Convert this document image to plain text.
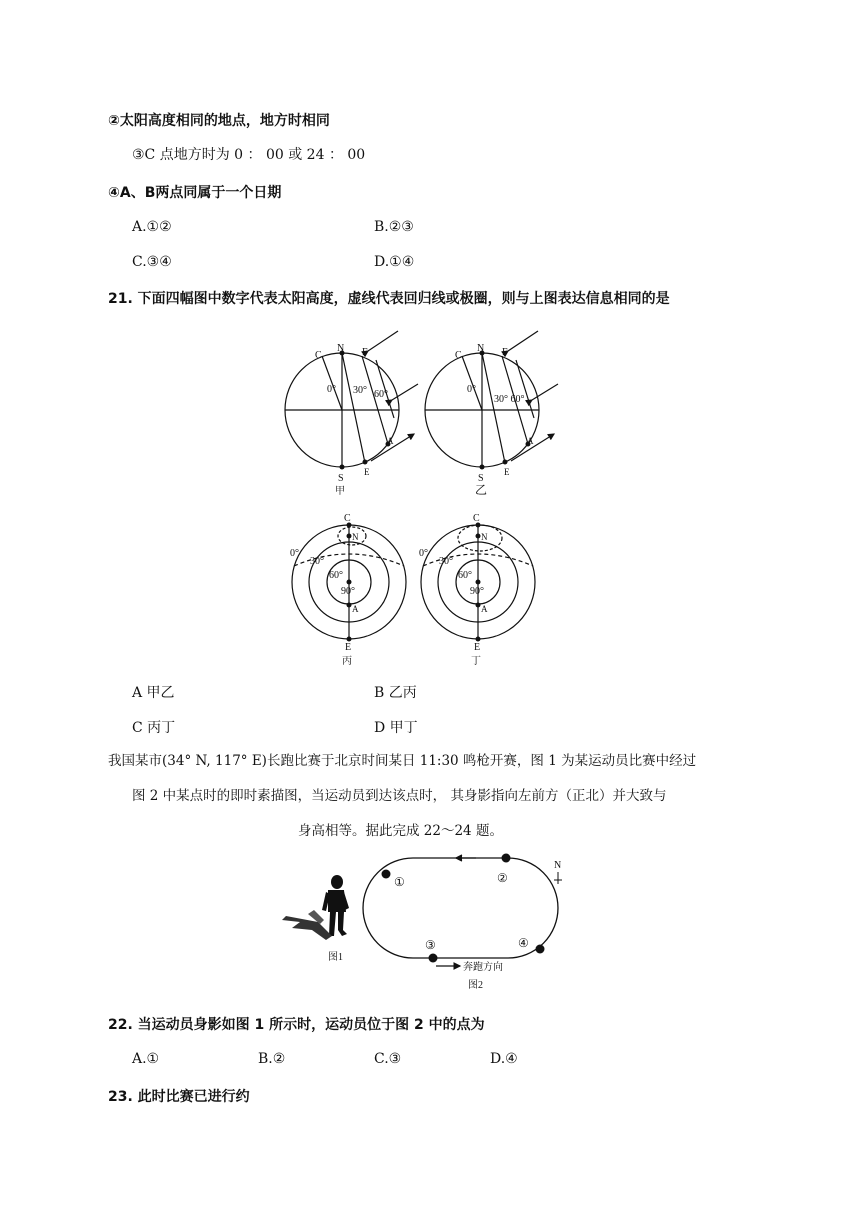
②太阳高度相同的地点，地方时相同
③C 点地方时为 0 ： 00 或 24 ： 00
④A、B两点同属于一个日期
A.①②	B.②③
C.③④	D.①④
21. 下面四幅图中数字代表太阳高度，虚线代表回归线或极圈，则与上图表达信息相同的是
C
N F
0° 30° 60°
A
E
S
甲
C
N F
0°
30° 60°
A
E
S
乙
C
N
0°
30°
60°
90°
A
E
丙
C
N
0°
30°
60°
90°
A
E
丁
A 甲乙	B 乙丙
C 丙丁	D 甲丁
我国某市(34° N, 117° E)长跑比赛于北京时间某日 11:30 鸣枪开赛，图 1 为某运动员比赛中经过
图 2 中某点时的即时素描图，当运动员到达该点时， 其身影指向左前方（正北）并大致与
身高相等。据此完成 22～24 题。
图1
①	②
③	④
N
奔跑方向
图2
22. 当运动员身影如图 1 所示时，运动员位于图 2 中的点为
A.①	B.②	C.③	D.④
23. 此时比赛已进行约
